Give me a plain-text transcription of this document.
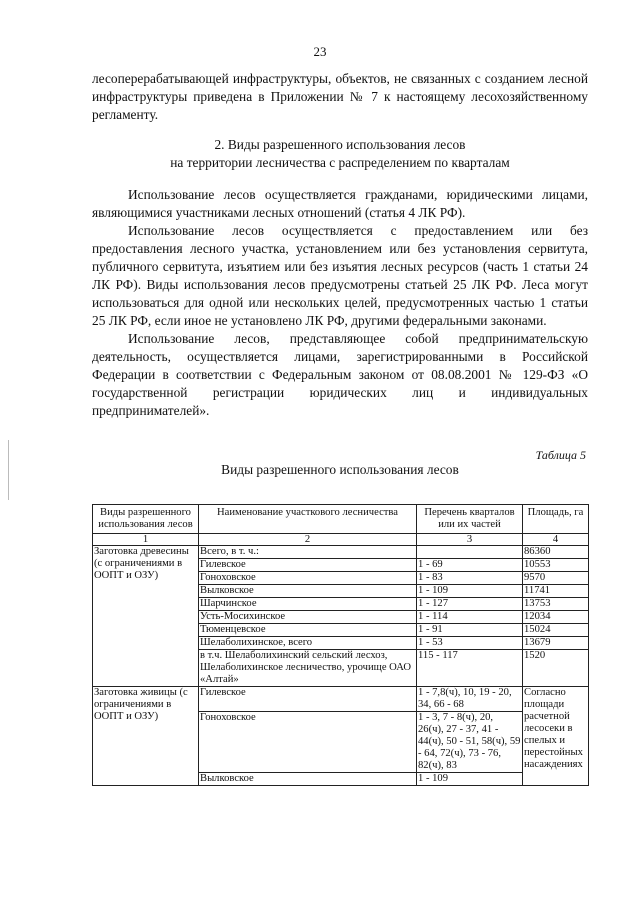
23

лесоперерабатывающей инфраструктуры, объектов, не связанных с созданием лесной инфраструктуры приведена в Приложении № 7 к настоящему лесохозяйственному регламенту.

2. Виды разрешенного использования лесов
на территории лесничества с распределением по кварталам

Использование лесов осуществляется гражданами, юридическими лицами, являющимися участниками лесных отношений (статья 4 ЛК РФ).

Использование лесов осуществляется с предоставлением или без предоставления лесного участка, установлением или без установления сервитута, публичного сервитута, изъятием или без изъятия лесных ресурсов (часть 1 статьи 24 ЛК РФ). Виды использования лесов предусмотрены статьей 25 ЛК РФ. Леса могут использоваться для одной или нескольких целей, предусмотренных частью 1 статьи 25 ЛК РФ, если иное не установлено ЛК РФ, другими федеральными законами.

Использование лесов, представляющее собой предпринимательскую деятельность, осуществляется лицами, зарегистрированными в Российской Федерации в соответствии с Федеральным законом от 08.08.2001 № 129-ФЗ «О государственной регистрации юридических лиц и индивидуальных предпринимателей».

Таблица 5
Виды разрешенного использования лесов
Виды разрешенного использования лесов	Наименование участкового лесничества	Перечень кварталов или их частей	Площадь, га
1	2	3	4
Заготовка древесины (с ограничениями в ООПТ и ОЗУ)	Всего, в т. ч.:		86360
	Гилевское	1 - 69	10553
	Гоноховское	1 - 83	9570
	Вылковское	1 - 109	11741
	Шарчинское	1 - 127	13753
	Усть-Мосихинское	1 - 114	12034
	Тюменцевское	1 - 91	15024
	Шелаболихинское, всего	1 - 53	13679
	в т.ч. Шелаболихинский сельский лесхоз, Шелаболихинское лесничество, урочище ОАО «Алтай»	115 - 117	1520
Заготовка живицы (с ограничениями в ООПТ и ОЗУ)	Гилевское	1 - 7,8(ч), 10, 19 - 20, 34, 66 - 68	Согласно площади расчетной лесосеки в спелых и перестойных насаждениях
	Гоноховское	1 - 3, 7 - 8(ч), 20, 26(ч), 27 - 37, 41 - 44(ч), 50 - 51, 58(ч), 59 - 64, 72(ч), 73 - 76, 82(ч), 83	
	Вылковское	1 - 109	
